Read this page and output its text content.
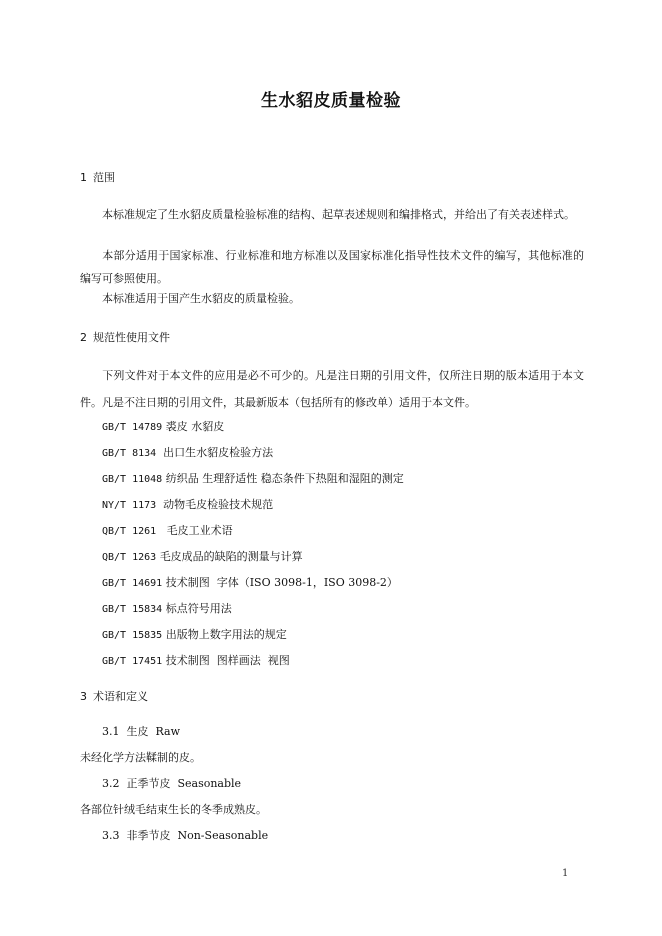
生水貂皮质量检验
1 范围
本标准规定了生水貂皮质量检验标准的结构、起草表述规则和编排格式，并给出了有关表述样式。
本部分适用于国家标准、行业标准和地方标准以及国家标准化指导性技术文件的编写，其他标准的编写可参照使用。
本标准适用于国产生水貂皮的质量检验。
2 规范性使用文件
下列文件对于本文件的应用是必不可少的。凡是注日期的引用文件，仅所注日期的版本适用于本文件。凡是不注日期的引用文件，其最新版本（包括所有的修改单）适用于本文件。
GB/T 14789 裘皮 水貂皮
GB/T 8134  出口生水貂皮检验方法
GB/T 11048 纺织品 生理舒适性 稳态条件下热阻和湿阻的测定
NY/T 1173  动物毛皮检验技术规范
QB/T 1261   毛皮工业术语
QB/T 1263 毛皮成品的缺陷的测量与计算
GB/T 14691 技术制图  字体（ISO 3098-1，ISO 3098-2）
GB/T 15834 标点符号用法
GB/T 15835 出版物上数字用法的规定
GB/T 17451 技术制图  图样画法  视图
3 术语和定义
3.1  生皮  Raw
未经化学方法鞣制的皮。
3.2  正季节皮  Seasonable
各部位针绒毛结束生长的冬季成熟皮。
3.3  非季节皮  Non-Seasonable
1
